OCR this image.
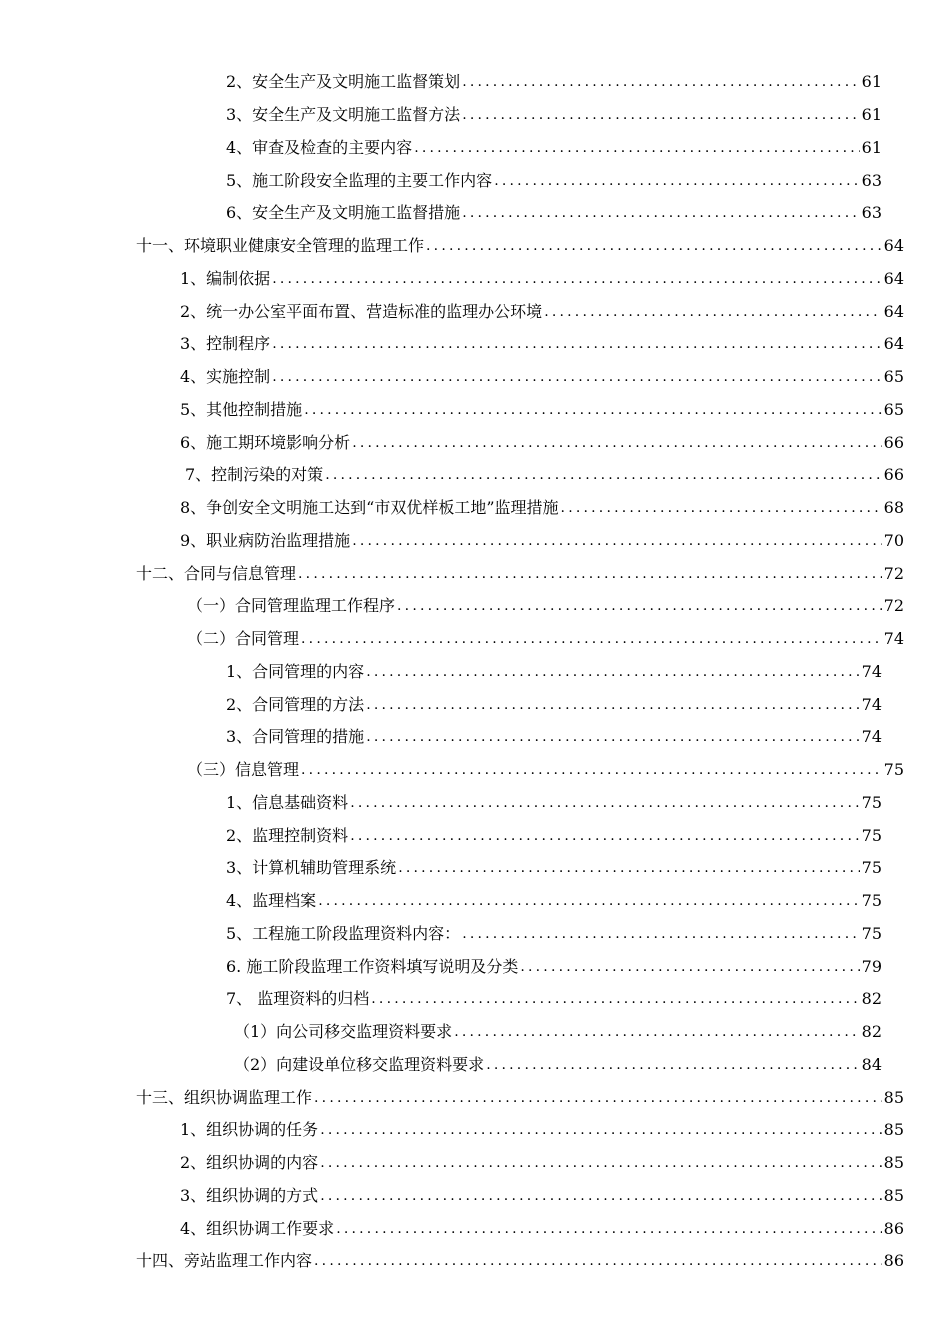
2、安全生产及文明施工监督策划 .....	61
3、安全生产及文明施工监督方法 .....	61
4、审查及检查的主要内容 .....	61
5、施工阶段安全监理的主要工作内容 .....	63
6、安全生产及文明施工监督措施 .....	63
十一、环境职业健康安全管理的监理工作 .....	64
1、编制依据 .....	64
2、统一办公室平面布置、营造标准的监理办公环境 .....	64
3、控制程序 .....	64
4、实施控制 .....	65
5、其他控制措施 .....	65
6、施工期环境影响分析 .....	66
7、控制污染的对策 .....	66
8、争创安全文明施工达到“市双优样板工地”监理措施 .....	68
9、职业病防治监理措施 .....	70
十二、合同与信息管理 .....	72
（一）合同管理监理工作程序 .....	72
（二）合同管理 .....	74
1、合同管理的内容 .....	74
2、合同管理的方法 .....	74
3、合同管理的措施 .....	74
（三）信息管理 .....	75
1、信息基础资料 .....	75
2、监理控制资料 .....	75
3、计算机辅助管理系统 .....	75
4、监理档案 .....	75
5、工程施工阶段监理资料内容： .....	75
6. 施工阶段监理工作资料填写说明及分类 .....	79
7、 监理资料的归档 .....	82
（1）向公司移交监理资料要求 .....	82
（2）向建设单位移交监理资料要求 .....	84
十三、组织协调监理工作 .....	85
1、组织协调的任务 .....	85
2、组织协调的内容 .....	85
3、组织协调的方式 .....	85
4、组织协调工作要求 .....	86
十四、旁站监理工作内容 .....	86
